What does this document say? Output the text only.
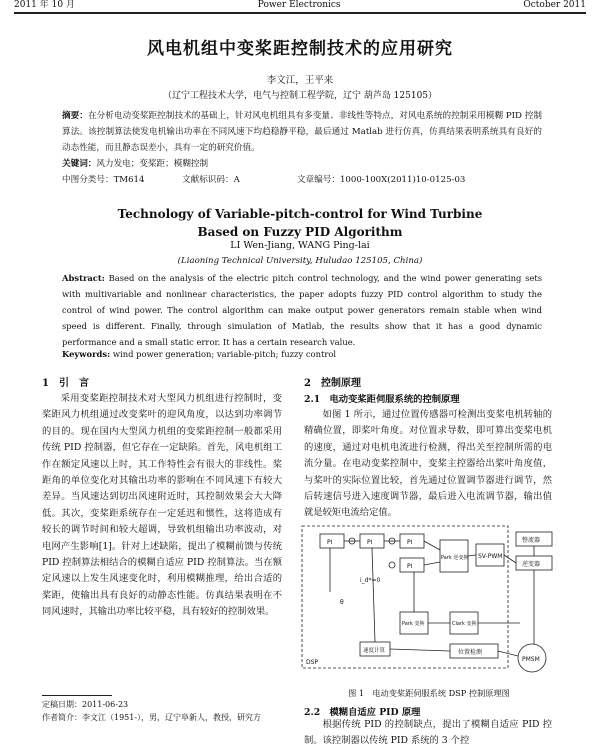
2011 年 10 月	Power Electronics	October 2011
风电机组中变桨距控制技术的应用研究
李文江，王平来
（辽宁工程技术大学，电气与控制工程学院，辽宁 葫芦岛 125105）
摘要：在分析电动变桨距控制技术的基础上，针对风电机组具有多变量、非线性等特点，对风电系统的控制采用模糊 PID 控制算法。该控制算法使发电机输出功率在不同风速下均趋稳静平稳，最后通过 Matlab 进行仿真，仿真结果表明系统具有良好的动态性能，而且静态误差小，具有一定的研究价值。
关键词：风力发电；变桨距；模糊控制
中图分类号：TM614	文献标识码：A	文章编号：1000-100X(2011)10-0125-03
Technology of Variable-pitch-control for Wind Turbine
Based on Fuzzy PID Algorithm
LI Wen-Jiang, WANG Ping-lai
(Liaoning Technical University, Huludao 125105, China)
Abstract: Based on the analysis of the electric pitch control technology, and the wind power generating sets with multivariable and nonlinear characteristics, the paper adopts fuzzy PID control algorithm to study the control of wind power. The control algorithm can make output power generators remain stable when wind speed is different. Finally, through simulation of Matlab, the results show that it has a good dynamic performance and a small static error. It has a certain research value.
Keywords: wind power generation; variable-pitch; fuzzy control
1　引　言
采用变桨距控制技术对大型风力机组进行控制时，变桨距风力机组通过改变桨叶的迎风角度，以达到功率调节的目的。现在国内大型风力机组的变桨距控制一般都采用传统 PID 控制器，但它存在一定缺陷。首先，风电机组工作在额定风速以上时，其工作特性会有很大的非线性。桨距角的单位变化对其输出功率的影响在不同风速下有较大差异。当风速达到切出风速附近时，其控制效果会大大降低。其次，变桨距系统存在一定延迟和惯性，这将造成有较长的调节时间和较大超调，导致机组输出功率波动，对电网产生影响[1]。针对上述缺陷，提出了模糊前馈与传统 PID 控制算法相结合的模糊自适应 PID 控制算法。当在额定风速以上发生风速变化时，利用模糊推理，给出合适的桨距，使输出具有良好的动静态性能。仿真结果表明在不同风速时，其输出功率比较平稳，具有较好的控制效果。
定稿日期：2011-06-23
作者简介：李文江（1951-），男，辽宁阜新人，教授，研究方
2　控制原理
2.1　电动变桨距伺服系统的控制原理
如图 1 所示，通过位置传感器可检测出变桨电机转轴的精确位置，即桨叶角度。对位置求导数，即可算出变桨电机的速度，通过对电机电流进行检测，得出关至控制所需的电流分量。在电动变桨控制中，变桨主控器给出桨叶角度值，与桨叶的实际位置比较，首先通过位置调节器进行调节，然后转速信号进入速度调节器，最后进入电流调节器，输出值就是较矩电流给定值。
整流器
逆变器
SV-PWM
Park 逆变换
PI
PI
PI
PI
Park 变换	Clark 变换
速度计算	位置检测
PMSM
θ
i_d*=0
DSP
图 1　电动变桨距伺服系统 DSP 控制原理图
2.2　模糊自适应 PID 原理
根据传统 PID 的控制缺点，提出了模糊自适应 PID 控制。该控制器以传统 PID 系统的 3 个控
